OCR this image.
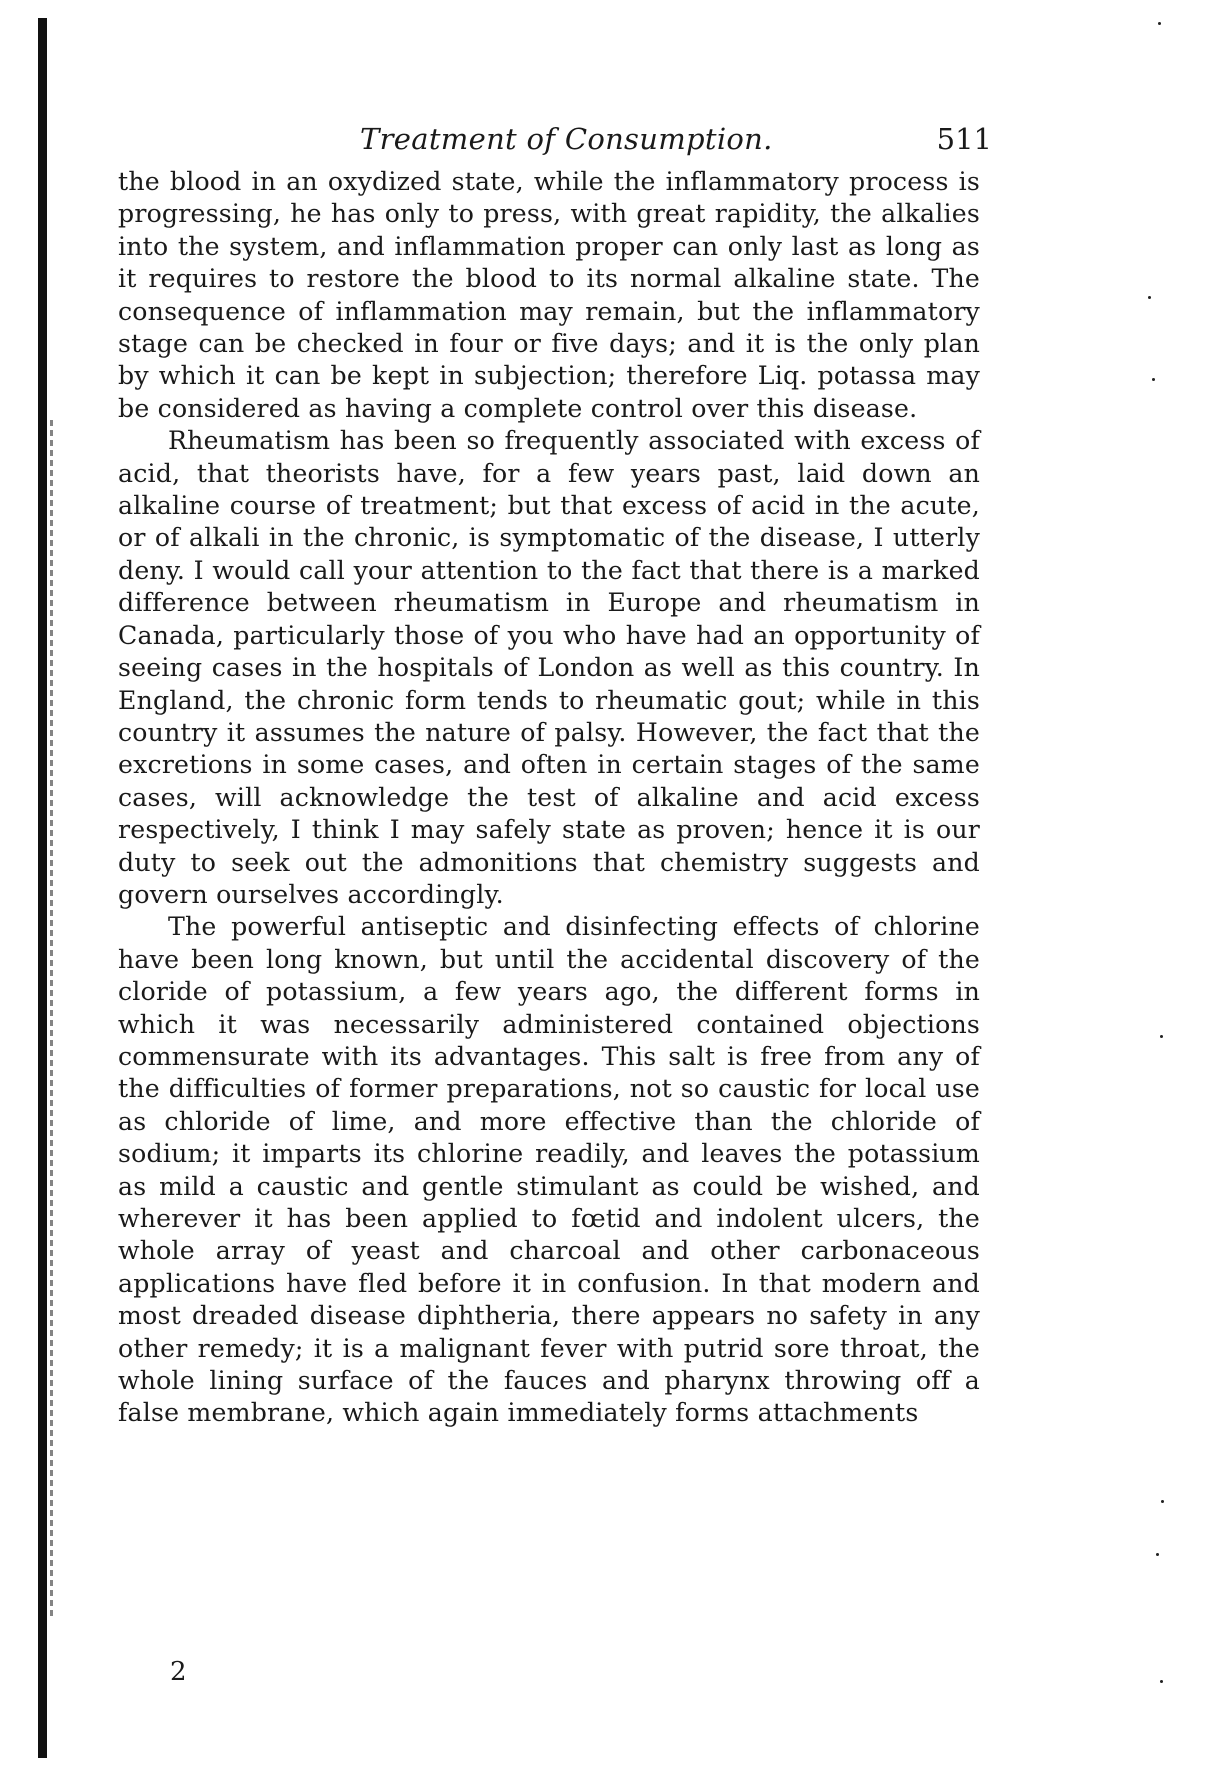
Treatment of Consumption.	511

the blood in an oxydized state, while the inflammatory process is progressing, he has only to press, with great rapidity, the alkalies into the system, and inflammation proper can only last as long as it requires to restore the blood to its normal alkaline state. The consequence of inflammation may remain, but the inflammatory stage can be checked in four or five days; and it is the only plan by which it can be kept in subjection; therefore Liq. potassa may be considered as having a complete control over this disease.

Rheumatism has been so frequently associated with excess of acid, that theorists have, for a few years past, laid down an alkaline course of treatment; but that excess of acid in the acute, or of alkali in the chronic, is symptomatic of the disease, I utterly deny. I would call your attention to the fact that there is a marked difference between rheumatism in Europe and rheumatism in Canada, particularly those of you who have had an opportunity of seeing cases in the hospitals of London as well as this country. In England, the chronic form tends to rheumatic gout; while in this country it assumes the nature of palsy. However, the fact that the excretions in some cases, and often in certain stages of the same cases, will acknowledge the test of alkaline and acid excess respectively, I think I may safely state as proven; hence it is our duty to seek out the admonitions that chemistry suggests and govern ourselves accordingly.

The powerful antiseptic and disinfecting effects of chlorine have been long known, but until the accidental discovery of the cloride of potassium, a few years ago, the different forms in which it was necessarily administered contained objections commensurate with its advantages. This salt is free from any of the difficulties of former preparations, not so caustic for local use as chloride of lime, and more effective than the chloride of sodium; it imparts its chlorine readily, and leaves the potassium as mild a caustic and gentle stimulant as could be wished, and wherever it has been applied to fœtid and indolent ulcers, the whole array of yeast and charcoal and other carbonaceous applications have fled before it in confusion. In that modern and most dreaded disease diphtheria, there appears no safety in any other remedy; it is a malignant fever with putrid sore throat, the whole lining surface of the fauces and pharynx throwing off a false membrane, which again immediately forms attachments

2
